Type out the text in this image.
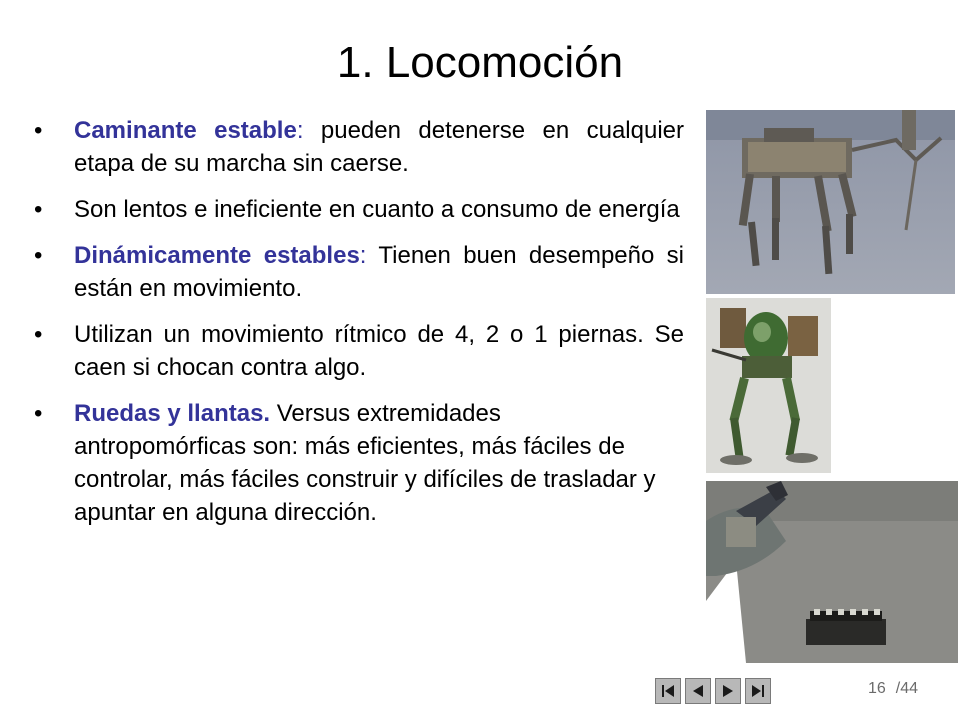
1. Locomoción
• Caminante estable: pueden detenerse en cualquier etapa de su marcha sin caerse.
• Son lentos e ineficiente en cuanto a consumo de energía
• Dinámicamente estables: Tienen buen desempeño si están en movimiento.
• Utilizan un movimiento rítmico de 4, 2 o 1 piernas. Se caen si chocan contra algo.
• Ruedas y llantas. Versus extremidades antropomórficas son: más eficientes, más fáciles de controlar, más fáciles construir y difíciles de trasladar y apuntar en alguna dirección.
16 /44
